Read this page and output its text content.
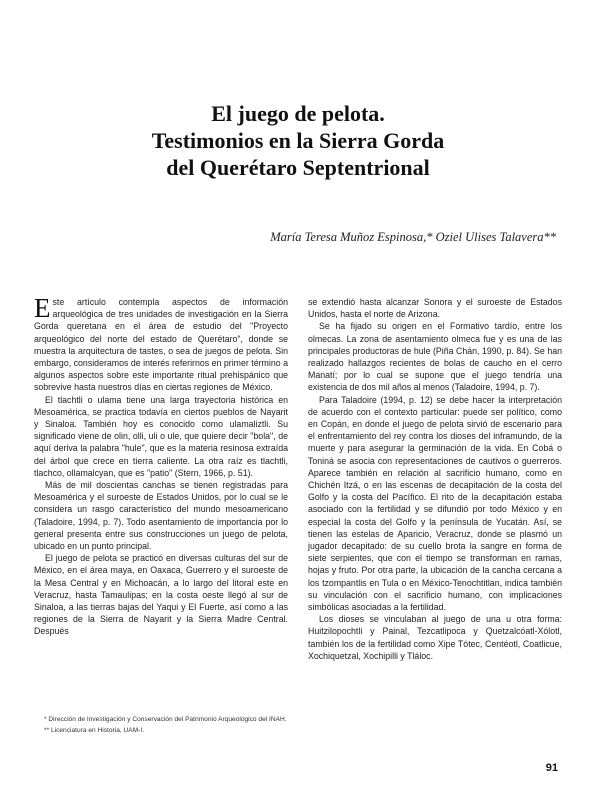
El juego de pelota.
Testimonios en la Sierra Gorda
del Querétaro Septentrional
María Teresa Muñoz Espinosa,* Oziel Ulises Talavera**

Este artículo contempla aspectos de información arqueológica de tres unidades de investigación en la Sierra Gorda queretana en el área de estudio del "Proyecto arqueológico del norte del estado de Querétaro", donde se muestra la arquitectura de tastes, o sea de juegos de pelota. Sin embargo, consideramos de interés referirnos en primer término a algunos aspectos sobre este importante ritual prehispánico que sobrevive hasta nuestros días en ciertas regiones de México.

El tlachtli o ulama tiene una larga trayectoria histórica en Mesoamérica, se practica todavía en ciertos pueblos de Nayarit y Sinaloa. También hoy es conocido como ulamaliztli. Su significado viene de olin, olli, uli o ule, que quiere decir "bola", de aquí deriva la palabra "hule", que es la materia resinosa extraída del árbol que crece en tierra caliente. La otra raíz es tlachtli, tlachco, ollamalcyan, que es "patio" (Stern, 1966, p. 51).

Más de mil doscientas canchas se tienen registradas para Mesoamérica y el suroeste de Estados Unidos, por lo cual se le considera un rasgo característico del mundo mesoamericano (Taladoire, 1994, p. 7). Todo asentamiento de importancia por lo general presenta entre sus construcciones un juego de pelota, ubicado en un punto principal.

El juego de pelota se practicó en diversas culturas del sur de México, en el área maya, en Oaxaca, Guerrero y el suroeste de la Mesa Central y en Michoacán, a lo largo del litoral este en Veracruz, hasta Tamaulipas; en la costa oeste llegó al sur de Sinaloa, a las tierras bajas del Yaqui y El Fuerte, así como a las regiones de la Sierra de Nayarit y la Sierra Madre Central. Después

se extendió hasta alcanzar Sonora y el suroeste de Estados Unidos, hasta el norte de Arizona.

Se ha fijado su origen en el Formativo tardío, entre los olmecas. La zona de asentamiento olmeca fue y es una de las principales productoras de hule (Piña Chán, 1990, p. 84). Se han realizado hallazgos recientes de bolas de caucho en el cerro Manatí; por lo cual se supone que el juego tendría una existencia de dos mil años al menos (Taladoire, 1994, p. 7).

Para Taladoire (1994, p. 12) se debe hacer la interpretación de acuerdo con el contexto particular: puede ser político, como en Copán, en donde el juego de pelota sirvió de escenario para el enfrentamiento del rey contra los dioses del inframundo, de la muerte y para asegurar la germinación de la vida. En Cobá o Toniná se asocia con representaciones de cautivos o guerreros. Aparece también en relación al sacrificio humano, como en Chichén Itzá, o en las escenas de decapitación de la costa del Golfo y la costa del Pacífico. El rito de la decapitación estaba asociado con la fertilidad y se difundió por todo México y en especial la costa del Golfo y la península de Yucatán. Así, se tienen las estelas de Aparicio, Veracruz, donde se plasmó un jugador decapitado: de su cuello brota la sangre en forma de siete serpientes, que con el tiempo se transforman en ramas, hojas y fruto. Por otra parte, la ubicación de la cancha cercana a los tzompantlis en Tula o en México-Tenochtitlan, indica también su vinculación con el sacrificio humano, con implicaciones simbólicas asociadas a la fertilidad.

Los dioses se vinculaban al juego de una u otra forma: Huitzilopochtli y Painal, Tezcatlipoca y Quetzalcóatl-Xólotl, también los de la fertilidad como Xipe Tótec, Centéotl, Coatlicue, Xochiquetzal, Xochipilli y Tláloc.

* Dirección de Investigación y Conservación del Patrimonio Arqueológico del INAH.

** Licenciatura en Historia, UAM-I.

91
